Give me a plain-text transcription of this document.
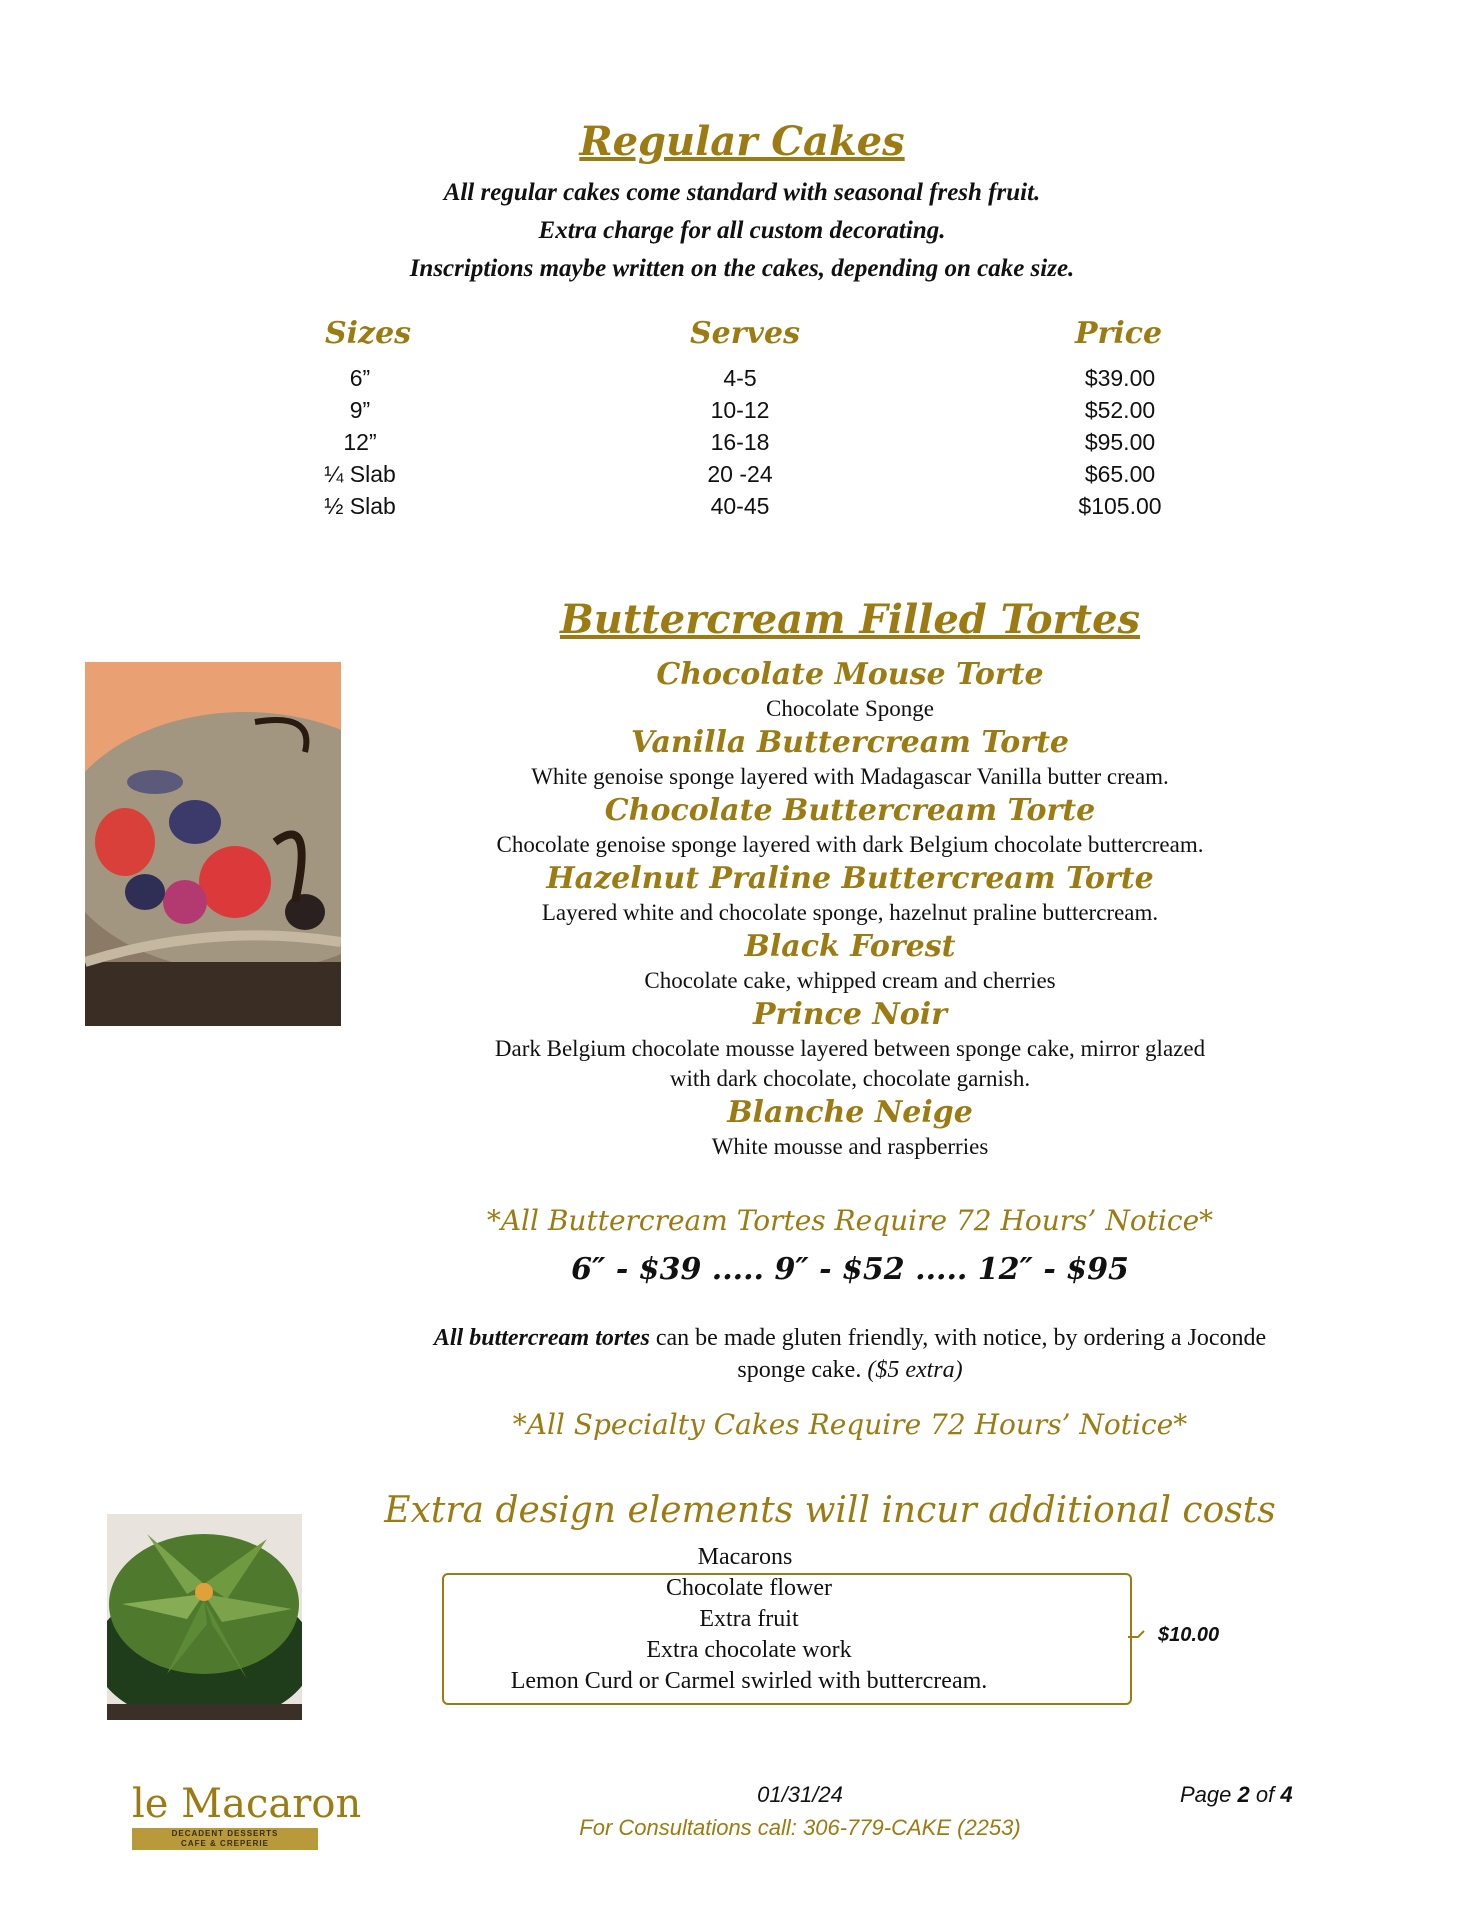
Regular Cakes
All regular cakes come standard with seasonal fresh fruit.
Extra charge for all custom decorating.
Inscriptions maybe written on the cakes, depending on cake size.
Sizes	Serves	Price
6”
9”
12”
¼ Slab
½ Slab
4-5
10-12
16-18
20 -24
40-45
$39.00
$52.00
$95.00
$65.00
$105.00
Buttercream Filled Tortes
Chocolate Mouse Torte
Chocolate Sponge
Vanilla Buttercream Torte
White genoise sponge layered with Madagascar Vanilla butter cream.
Chocolate Buttercream Torte
Chocolate genoise sponge layered with dark Belgium chocolate buttercream.
Hazelnut Praline Buttercream Torte
Layered white and chocolate sponge, hazelnut praline buttercream.
Black Forest
Chocolate cake, whipped cream and cherries
Prince Noir
Dark Belgium chocolate mousse layered between sponge cake, mirror glazed
with dark chocolate, chocolate garnish.
Blanche Neige
White mousse and raspberries
*All Buttercream Tortes Require 72 Hours’ Notice*
6″ - $39 ..... 9″ - $52 ..... 12″ - $95
All buttercream tortes can be made gluten friendly, with notice, by ordering a Joconde
sponge cake. ($5 extra)
*All Specialty Cakes Require 72 Hours’ Notice*
Extra design elements will incur additional costs
Macarons
Chocolate flower
Extra fruit
Extra chocolate work
Lemon Curd or Carmel swirled with buttercream.
$10.00
le Macaron
DECADENT DESSERTS
CAFE & CREPERIE
01/31/24
For Consultations call: 306-779-CAKE (2253)
Page 2 of 4
